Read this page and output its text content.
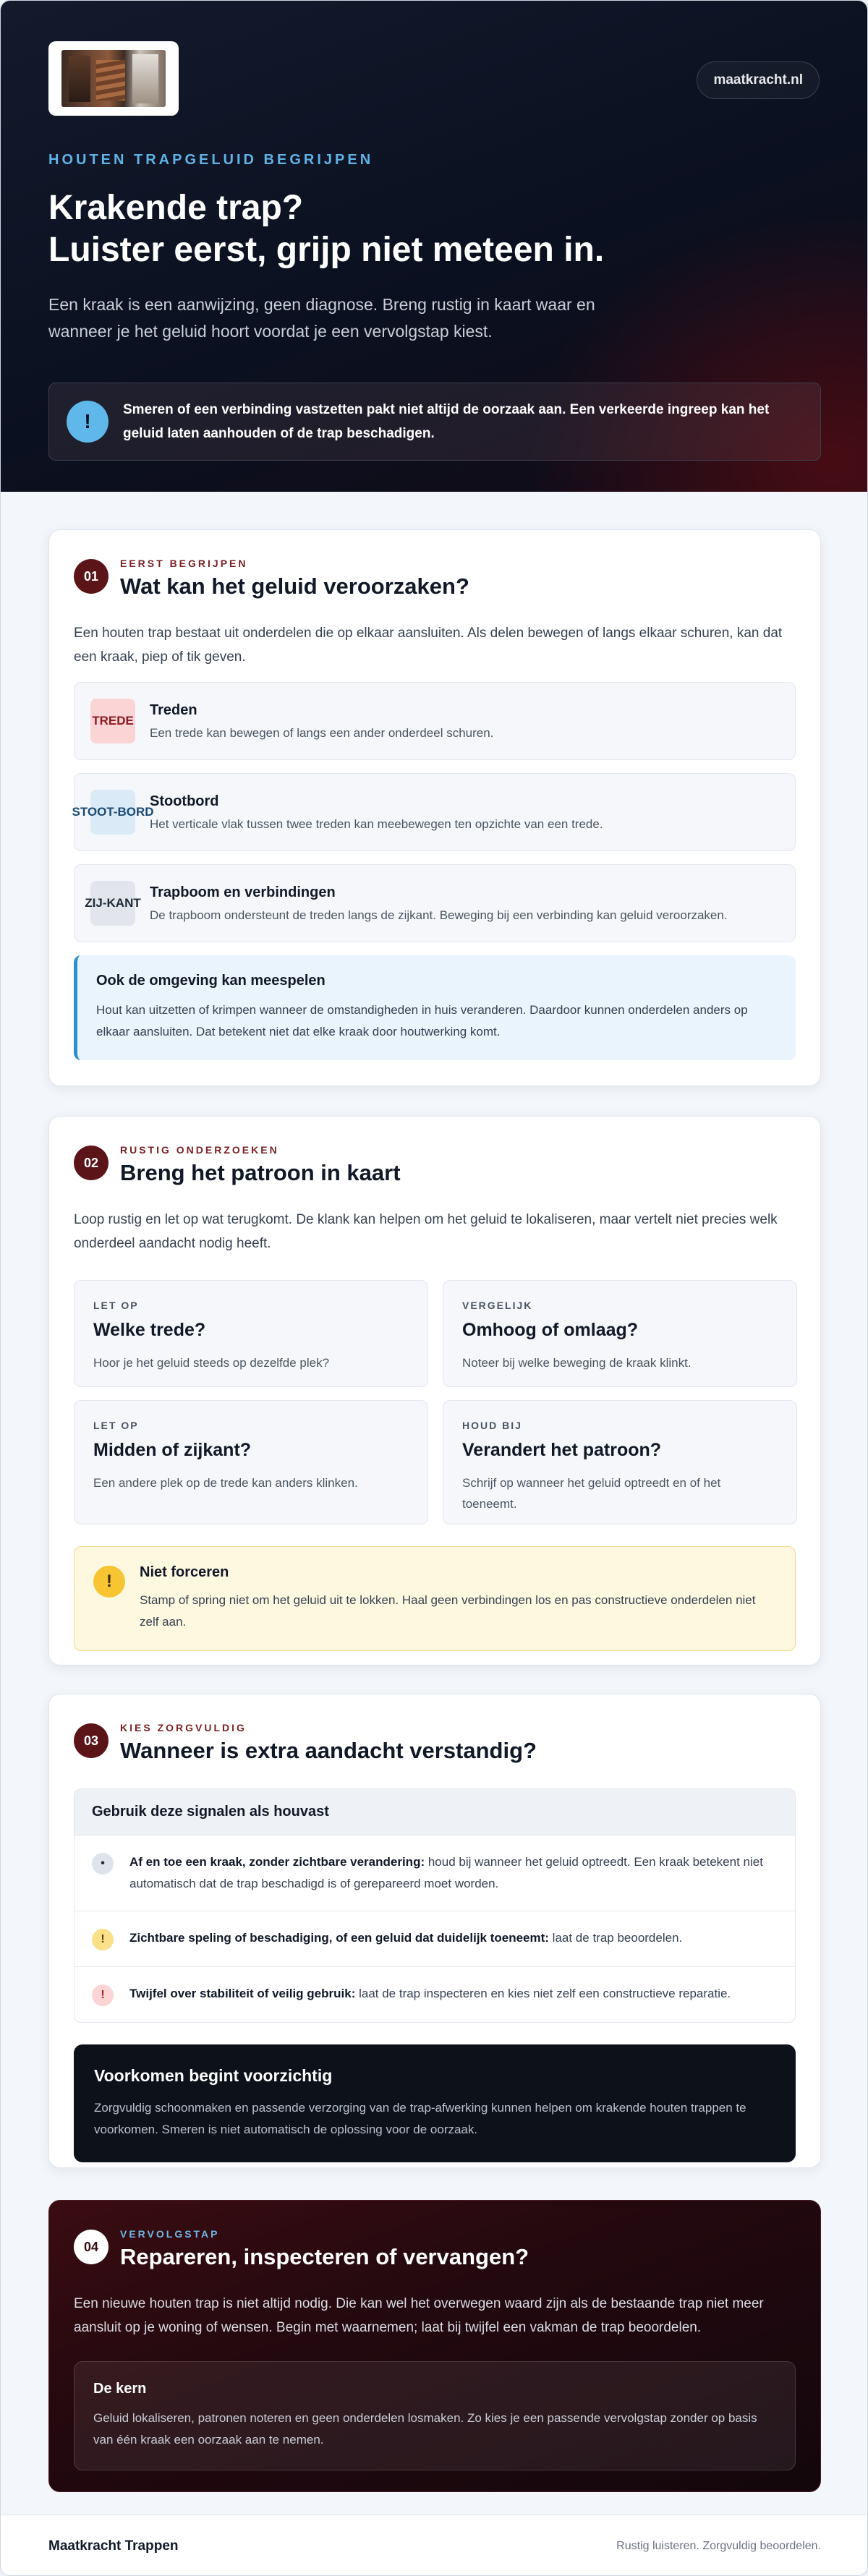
maatkracht.nl
HOUTEN TRAPGELUID BEGRIJPEN
Krakende trap?
Luister eerst, grijp niet meteen in.

Een kraak is een aanwijzing, geen diagnose. Breng rustig in kaart waar en wanneer je het geluid hoort voordat je een vervolgstap kiest.

!

Smeren of een verbinding vastzetten pakt niet altijd de oorzaak aan. Een verkeerde ingreep kan het geluid laten aanhouden of de trap beschadigen.

01
EERST BEGRIJPEN
Wat kan het geluid veroorzaken?

Een houten trap bestaat uit onderdelen die op elkaar aansluiten. Als delen bewegen of langs elkaar schuren, kan dat een kraak, piep of tik geven.

TREDE
Treden
Een trede kan bewegen of langs een ander onderdeel schuren.
STOOT- BORD
Stootbord
Het verticale vlak tussen twee treden kan meebewegen ten opzichte van een trede.
ZIJ- KANT
Trapboom en verbindingen
De trapboom ondersteunt de treden langs de zijkant. Beweging bij een verbinding kan geluid veroorzaken.
Ook de omgeving kan meespelen

Hout kan uitzetten of krimpen wanneer de omstandigheden in huis veranderen. Daardoor kunnen onderdelen anders op elkaar aansluiten. Dat betekent niet dat elke kraak door houtwerking komt.

02
RUSTIG ONDERZOEKEN
Breng het patroon in kaart

Loop rustig en let op wat terugkomt. De klank kan helpen om het geluid te lokaliseren, maar vertelt niet precies welk onderdeel aandacht nodig heeft.

LET OP
Welke trede?
Hoor je het geluid steeds op dezelfde plek?
VERGELIJK
Omhoog of omlaag?
Noteer bij welke beweging de kraak klinkt.
LET OP
Midden of zijkant?
Een andere plek op de trede kan anders klinken.
HOUD BIJ
Verandert het patroon?
Schrijf op wanneer het geluid optreedt en of het toeneemt.
!	Niet forceren

Stamp of spring niet om het geluid uit te lokken. Haal geen verbindingen los en pas constructieve onderdelen niet zelf aan.

03
KIES ZORGVULDIG
Wanneer is extra aandacht verstandig?
Gebruik deze signalen als houvast
•	Af en toe een kraak, zonder zichtbare verandering: houd bij wanneer het geluid optreedt. Een kraak betekent niet automatisch dat de trap beschadigd is of gerepareerd moet worden.

!	Zichtbare speling of beschadiging, of een geluid dat duidelijk toeneemt: laat de trap beoordelen.

!	Twijfel over stabiliteit of veilig gebruik: laat de trap inspecteren en kies niet zelf een constructieve reparatie.

Voorkomen begint voorzichtig

Zorgvuldig schoonmaken en passende verzorging van de trap-afwerking kunnen helpen om krakende houten trappen te voorkomen. Smeren is niet automatisch de oplossing voor de oorzaak.

04
VERVOLGSTAP
Repareren, inspecteren of vervangen?

Een nieuwe houten trap is niet altijd nodig. Die kan wel het overwegen waard zijn als de bestaande trap niet meer aansluit op je woning of wensen. Begin met waarnemen; laat bij twijfel een vakman de trap beoordelen.

De kern

Geluid lokaliseren, patronen noteren en geen onderdelen losmaken. Zo kies je een passende vervolgstap zonder op basis van één kraak een oorzaak aan te nemen.

Maatkracht Trappen	Rustig luisteren. Zorgvuldig beoordelen.
